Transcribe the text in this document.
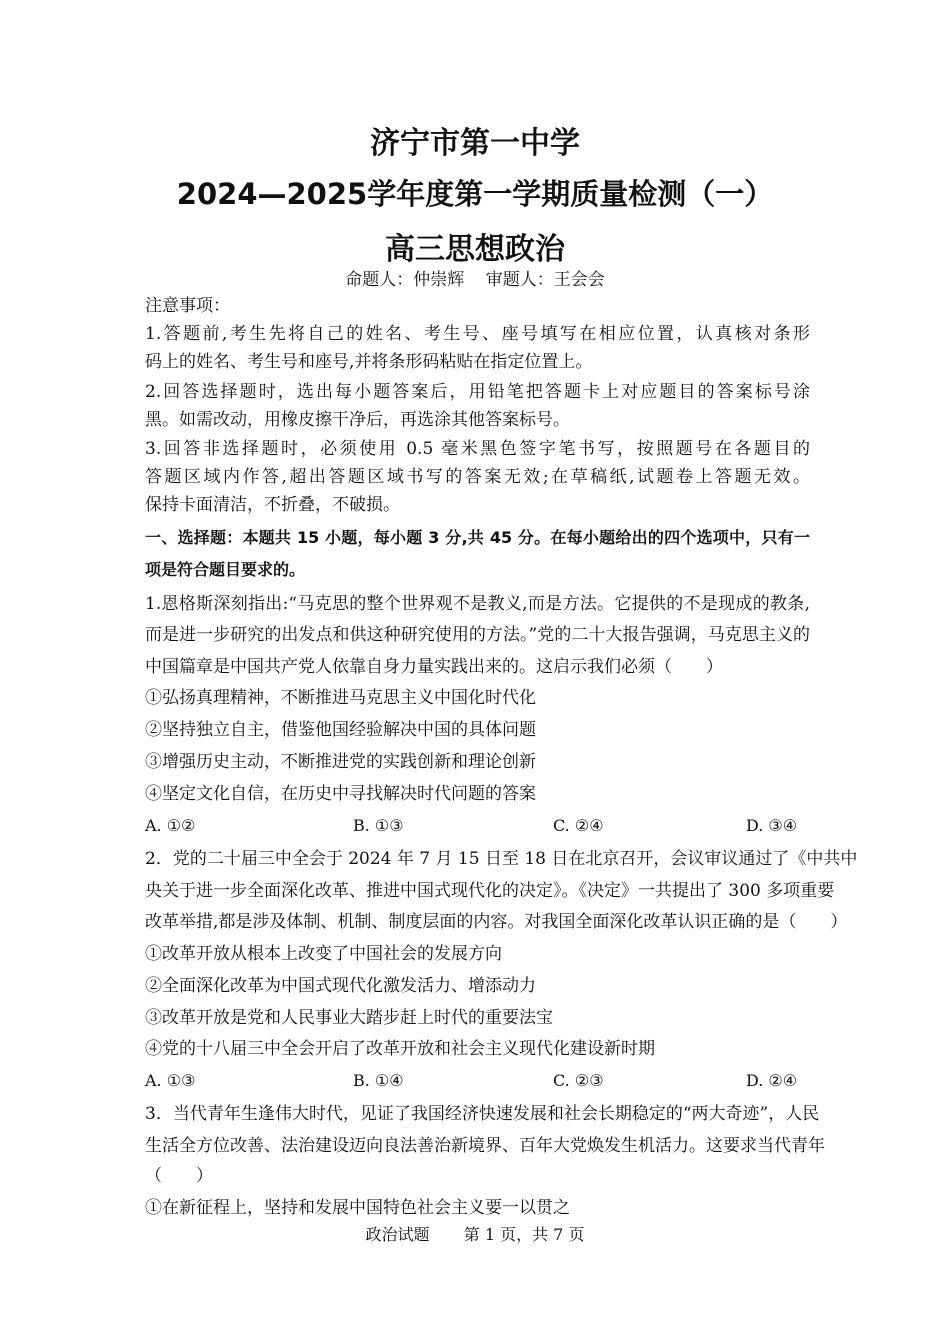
济宁市第一中学
2024—2025学年度第一学期质量检测（一）
高三思想政治
命题人：仲崇辉 审题人：王会会
注意事项：
1.答题前,考生先将自己的姓名、考生号、座号填写在相应位置，认真核对条形
码上的姓名、考生号和座号,并将条形码粘贴在指定位置上。
2.回答选择题时，选出每小题答案后，用铅笔把答题卡上对应题目的答案标号涂
黑。如需改动，用橡皮擦干净后，再选涂其他答案标号。
3.回答非选择题时，必须使用 0.5 毫米黑色签字笔书写，按照题号在各题目的
答题区域内作答,超出答题区域书写的答案无效;在草稿纸,试题卷上答题无效。
保持卡面清洁，不折叠，不破损。
一、选择题：本题共 15 小题，每小题 3 分,共 45 分。在每小题给出的四个选项中，只有一
项是符合题目要求的。
1.恩格斯深刻指出:“马克思的整个世界观不是教义,而是方法。它提供的不是现成的教条,
而是进一步研究的出发点和供这种研究使用的方法。”党的二十大报告强调，马克思主义的
中国篇章是中国共产党人依靠自身力量实践出来的。这启示我们必须（　　）
①弘扬真理精神，不断推进马克思主义中国化时代化
②坚持独立自主，借鉴他国经验解决中国的具体问题
③增强历史主动，不断推进党的实践创新和理论创新
④坚定文化自信，在历史中寻找解决时代问题的答案
A. ①②	B. ①③	C. ②④	D. ③④
2．党的二十届三中全会于 2024 年 7 月 15 日至 18 日在北京召开，会议审议通过了《中共中
央关于进一步全面深化改革、推进中国式现代化的决定》。《决定》一共提出了 300 多项重要
改革举措,都是涉及体制、机制、制度层面的内容。对我国全面深化改革认识正确的是（　　）
①改革开放从根本上改变了中国社会的发展方向
②全面深化改革为中国式现代化激发活力、增添动力
③改革开放是党和人民事业大踏步赶上时代的重要法宝
④党的十八届三中全会开启了改革开放和社会主义现代化建设新时期
A. ①③	B. ①④	C. ②③	D. ②④
3．当代青年生逢伟大时代，见证了我国经济快速发展和社会长期稳定的“两大奇迹”，人民
生活全方位改善、法治建设迈向良法善治新境界、百年大党焕发生机活力。这要求当代青年
（　　）
①在新征程上，坚持和发展中国特色社会主义要一以贯之
政治试题 第 1 页，共 7 页
